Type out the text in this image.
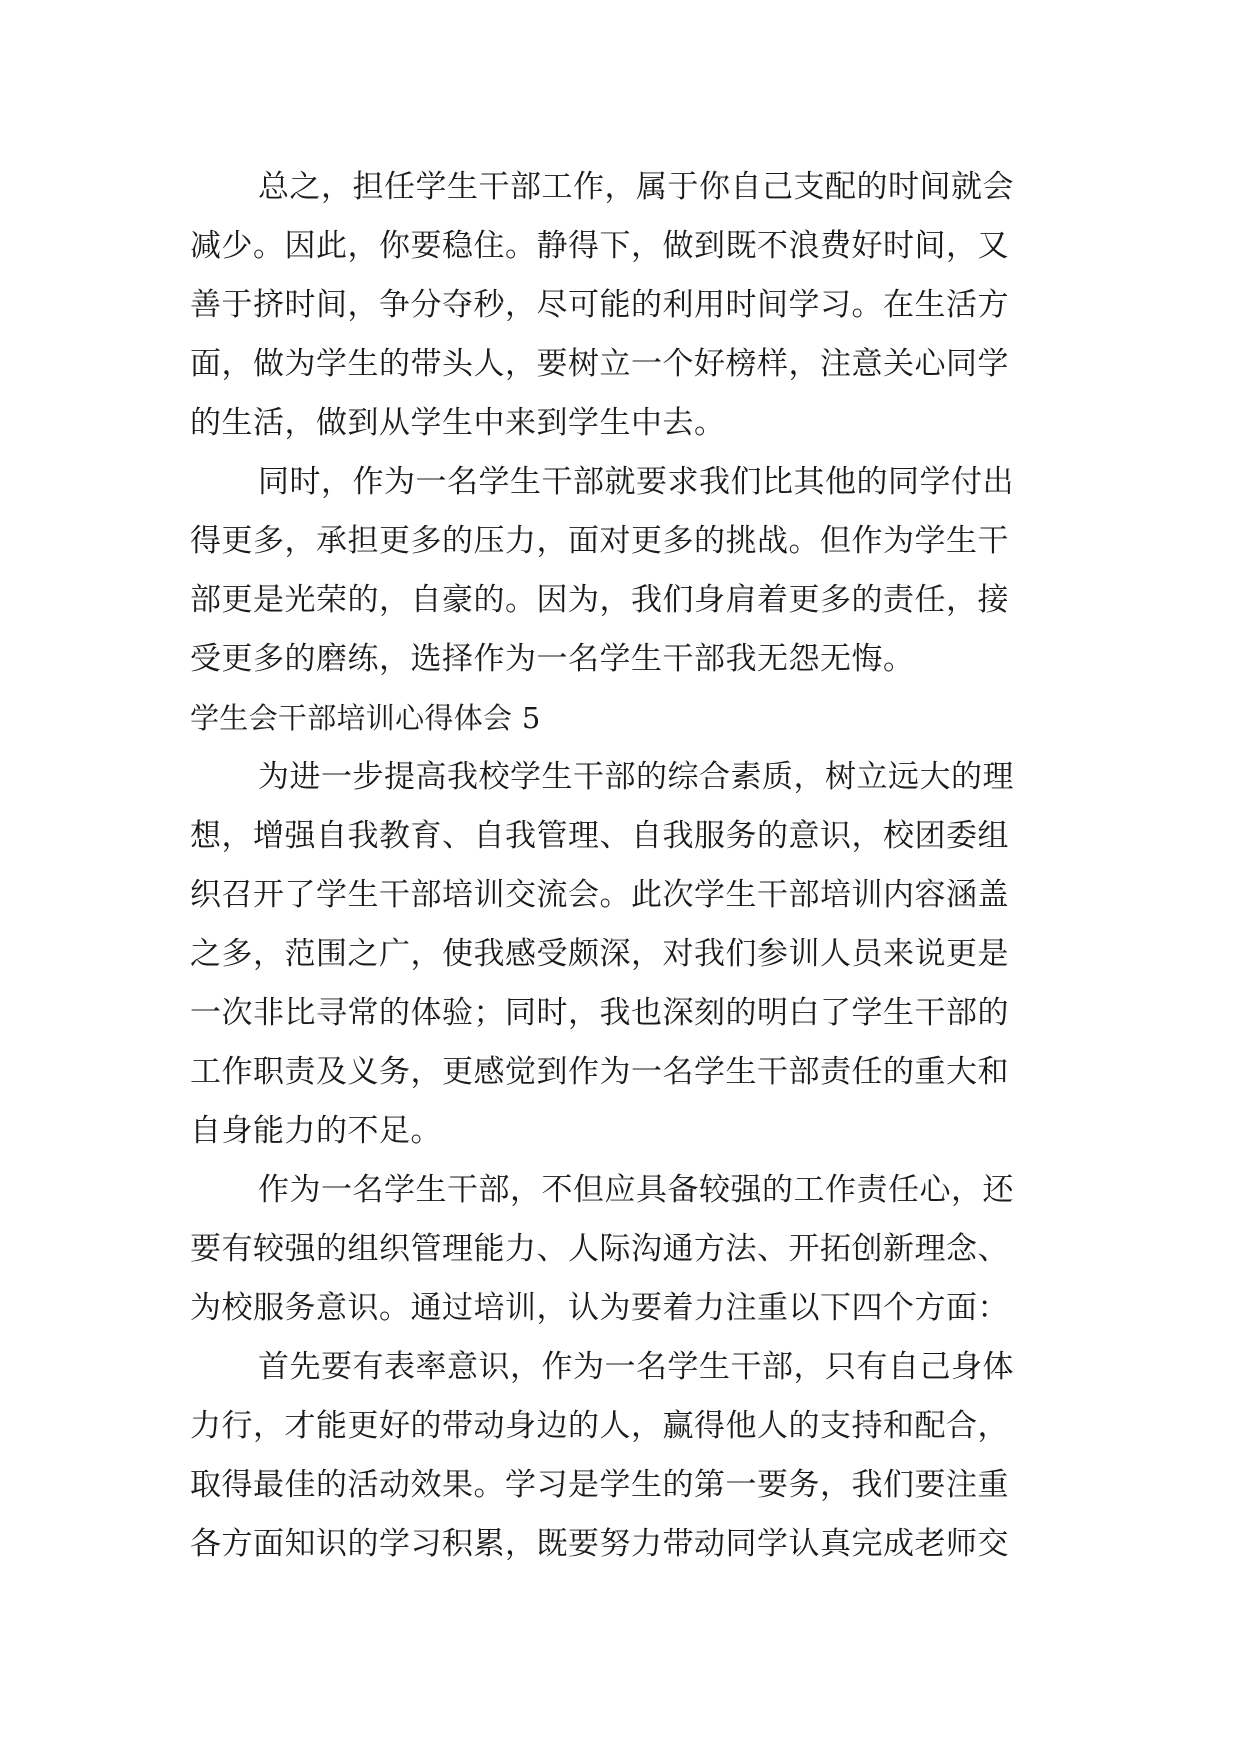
总之，担任学生干部工作，属于你自己支配的时间就会
减少。因此，你要稳住。静得下，做到既不浪费好时间，又
善于挤时间，争分夺秒，尽可能的利用时间学习。在生活方
面，做为学生的带头人，要树立一个好榜样，注意关心同学
的生活，做到从学生中来到学生中去。
同时，作为一名学生干部就要求我们比其他的同学付出
得更多，承担更多的压力，面对更多的挑战。但作为学生干
部更是光荣的，自豪的。因为，我们身肩着更多的责任，接
受更多的磨练，选择作为一名学生干部我无怨无悔。
学生会干部培训心得体会 5
为进一步提高我校学生干部的综合素质，树立远大的理
想，增强自我教育、自我管理、自我服务的意识，校团委组
织召开了学生干部培训交流会。此次学生干部培训内容涵盖
之多，范围之广，使我感受颇深，对我们参训人员来说更是
一次非比寻常的体验；同时，我也深刻的明白了学生干部的
工作职责及义务，更感觉到作为一名学生干部责任的重大和
自身能力的不足。
作为一名学生干部，不但应具备较强的工作责任心，还
要有较强的组织管理能力、人际沟通方法、开拓创新理念、
为校服务意识。通过培训，认为要着力注重以下四个方面：
首先要有表率意识，作为一名学生干部，只有自己身体
力行，才能更好的带动身边的人，赢得他人的支持和配合，
取得最佳的活动效果。学习是学生的第一要务，我们要注重
各方面知识的学习积累，既要努力带动同学认真完成老师交
